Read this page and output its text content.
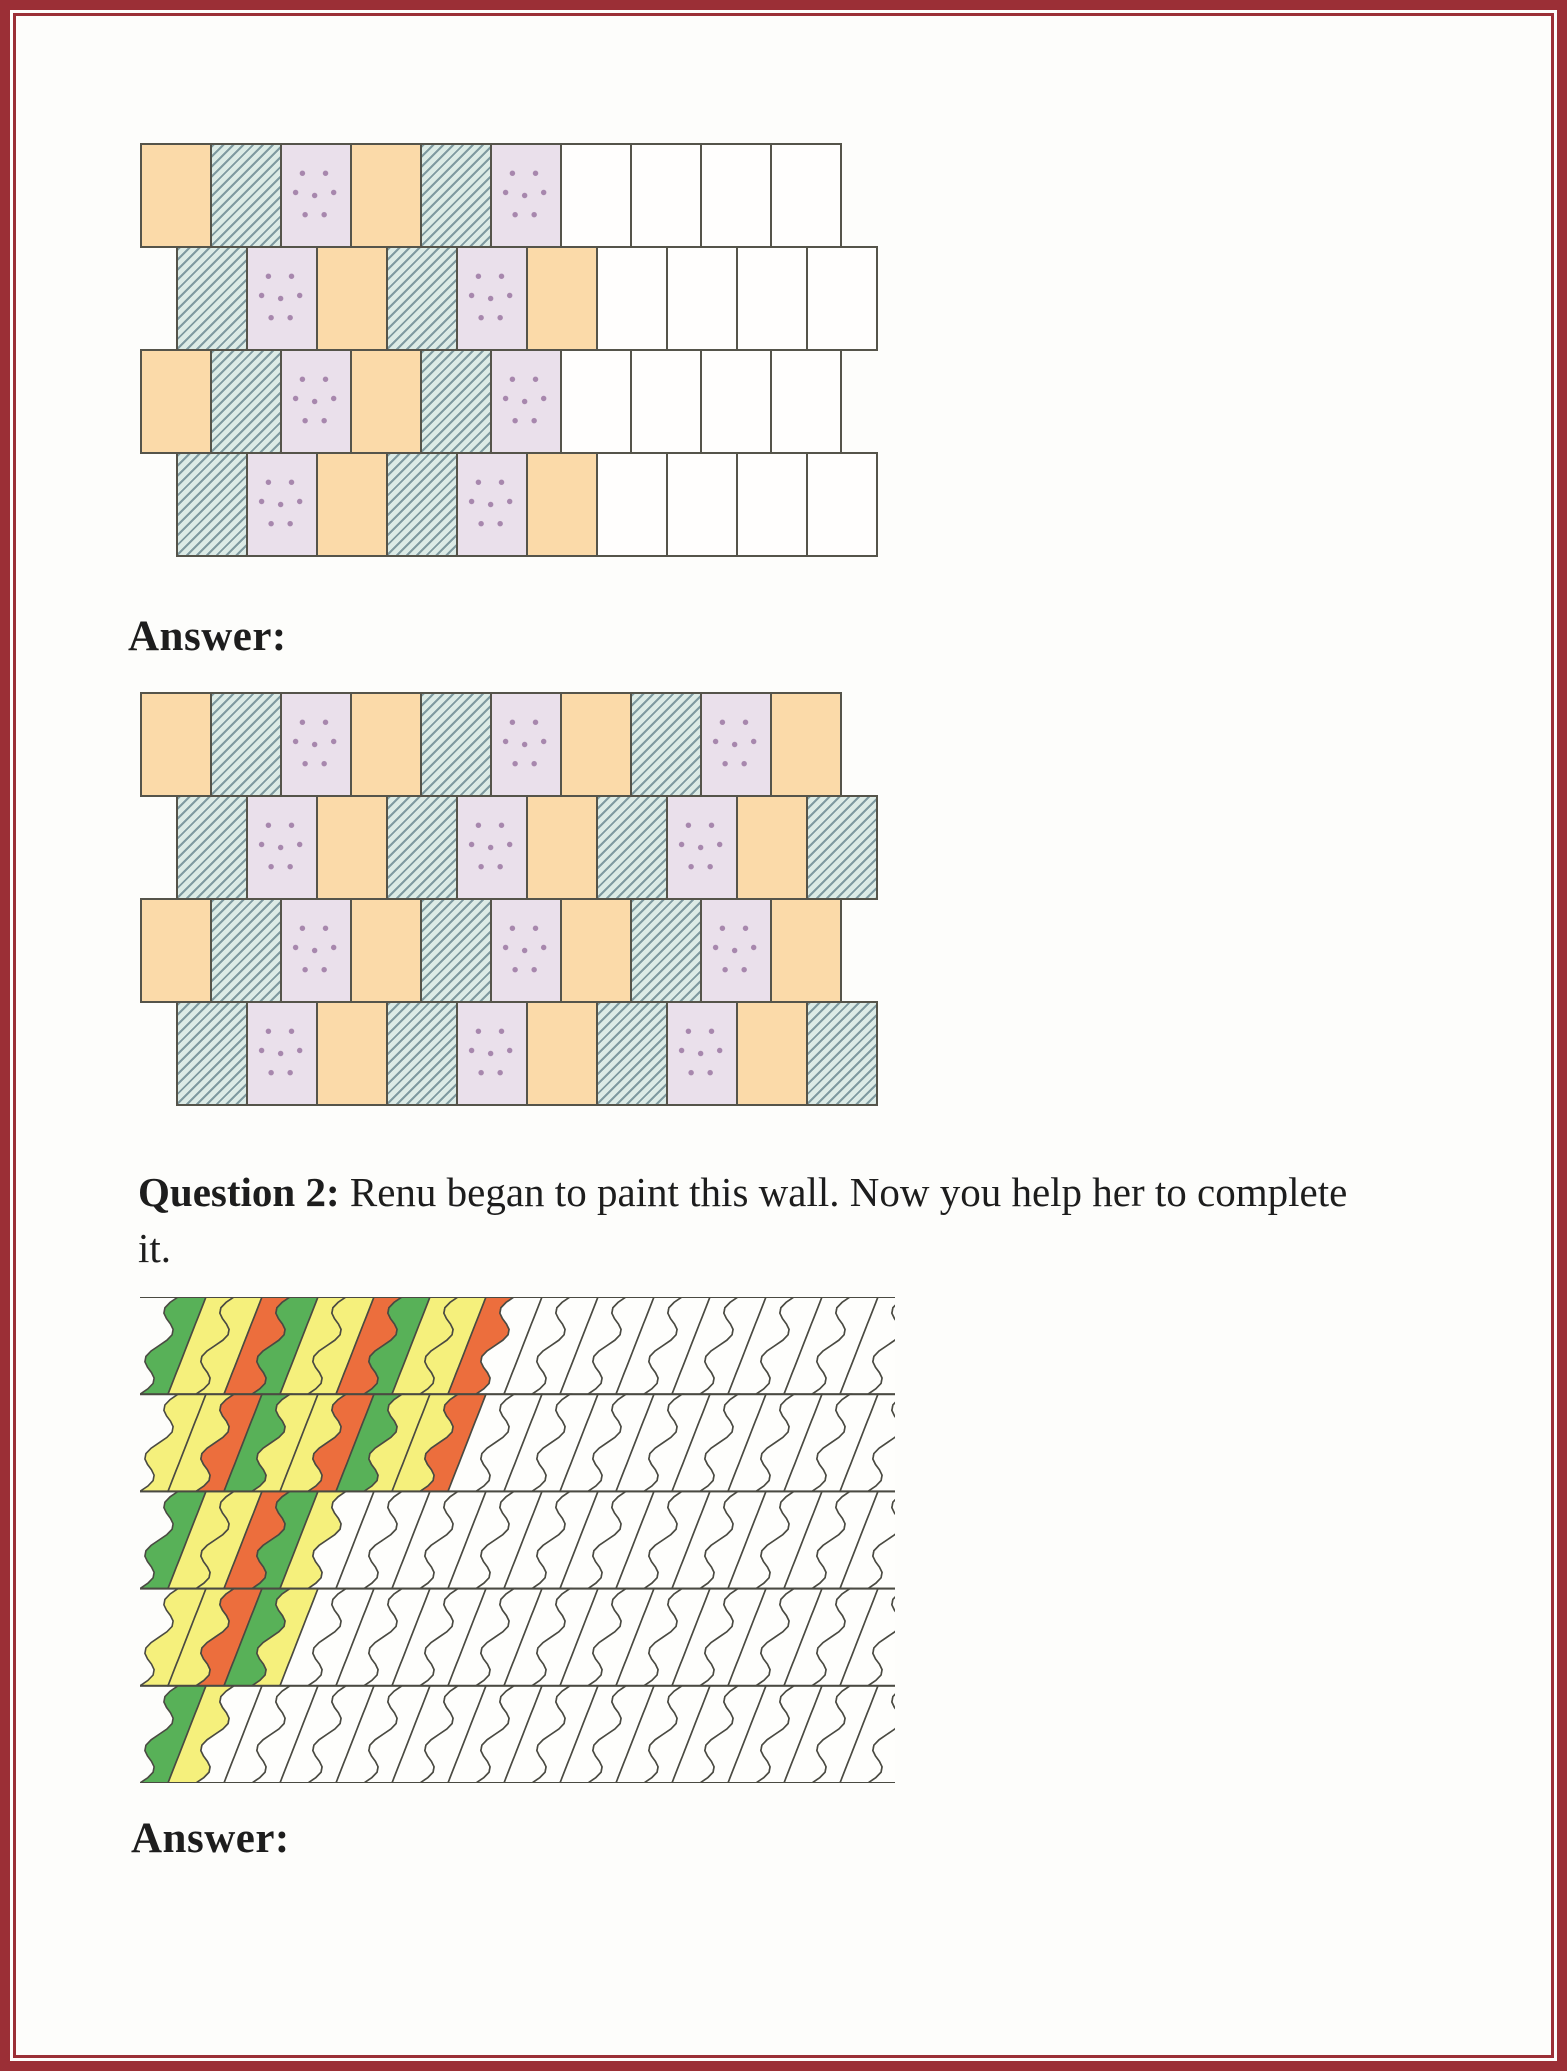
Answer:
Question 2: Renu began to paint this wall. Now you help her to complete
it.
Answer:
